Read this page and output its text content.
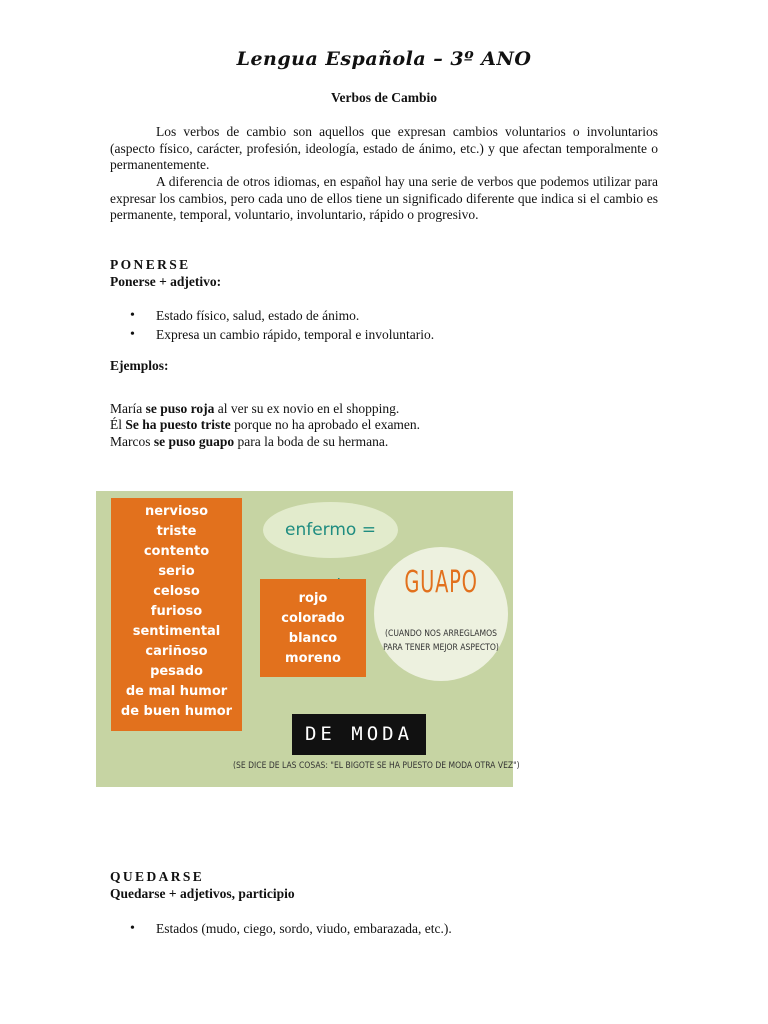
Lengua Española – 3º ANO
Verbos de Cambio
Los verbos de cambio son aquellos que expresan cambios voluntarios o involuntarios (aspecto físico, carácter, profesión, ideología, estado de ánimo, etc.) y que afectan temporalmente o permanentemente.
A diferencia de otros idiomas, en español hay una serie de verbos que podemos utilizar para expresar los cambios, pero cada uno de ellos tiene un significado diferente que indica si el cambio es permanente, temporal, voluntario, involuntario, rápido o progresivo.
PONERSE
Ponerse + adjetivo:
• Estado físico, salud, estado de ánimo.
• Expresa un cambio rápido, temporal e involuntario.
Ejemplos:
María se puso roja al ver su ex novio en el shopping.
Él Se ha puesto triste porque no ha aprobado el examen.
Marcos se puso guapo para la boda de su hermana.
nervioso
triste
contento
serio
celoso
furioso
sentimental
cariñoso
pesado
de mal humor
de buen humor
enfermo =
rojo
colorado
blanco
moreno
GUAPO
(CUANDO NOS ARREGLAMOS PARA TENER MEJOR ASPECTO)
DE MODA
(SE DICE DE LAS COSAS: "EL BIGOTE SE HA PUESTO DE MODA OTRA VEZ")
QUEDARSE
Quedarse + adjetivos, participio
• Estados (mudo, ciego, sordo, viudo, embarazada, etc.).
